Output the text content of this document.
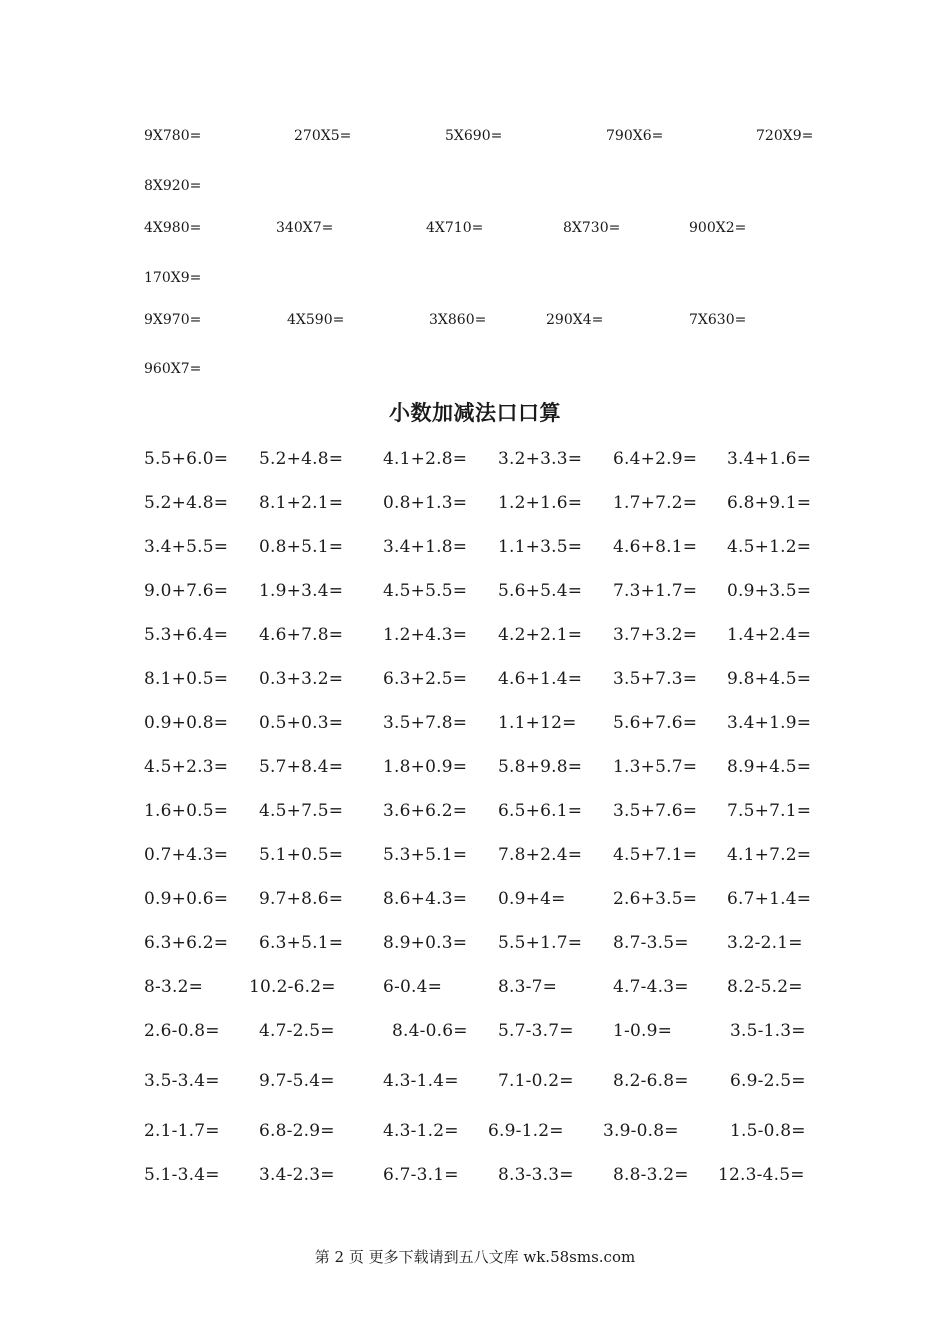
9X780=	270X5=	5X690=	790X6=	720X9=
8X920=
4X980=	340X7=	4X710=	8X730=	900X2=
170X9=
9X970=	4X590=	3X860=	290X4=	7X630=
960X7=
小数加减法口口算
5.5+6.0= 5.2+4.8= 4.1+2.8= 3.2+3.3= 6.4+2.9= 3.4+1.6=
5.2+4.8= 8.1+2.1= 0.8+1.3= 1.2+1.6= 1.7+7.2= 6.8+9.1=
3.4+5.5= 0.8+5.1= 3.4+1.8= 1.1+3.5= 4.6+8.1= 4.5+1.2=
9.0+7.6= 1.9+3.4= 4.5+5.5= 5.6+5.4= 7.3+1.7= 0.9+3.5=
5.3+6.4= 4.6+7.8= 1.2+4.3= 4.2+2.1= 3.7+3.2= 1.4+2.4=
8.1+0.5= 0.3+3.2= 6.3+2.5= 4.6+1.4= 3.5+7.3= 9.8+4.5=
0.9+0.8= 0.5+0.3= 3.5+7.8= 1.1+12= 5.6+7.6= 3.4+1.9=
4.5+2.3= 5.7+8.4= 1.8+0.9= 5.8+9.8= 1.3+5.7= 8.9+4.5=
1.6+0.5= 4.5+7.5= 3.6+6.2= 6.5+6.1= 3.5+7.6= 7.5+7.1=
0.7+4.3= 5.1+0.5= 5.3+5.1= 7.8+2.4= 4.5+7.1= 4.1+7.2=
0.9+0.6= 9.7+8.6= 8.6+4.3= 0.9+4=	2.6+3.5= 6.7+1.4=
6.3+6.2= 6.3+5.1= 8.9+0.3= 5.5+1.7= 8.7-3.5= 3.2-2.1=
8-3.2=	10.2-6.2=	6-0.4=	8.3-7=	4.7-4.3= 8.2-5.2=
2.6-0.8= 4.7-2.5=	8.4-0.6= 5.7-3.7= 1-0.9=	3.5-1.3=
3.5-3.4= 9.7-5.4=	4.3-1.4= 7.1-0.2= 8.2-6.8= 6.9-2.5=
2.1-1.7= 6.8-2.9=	4.3-1.2= 6.9-1.2= 3.9-0.8=	1.5-0.8=
5.1-3.4= 3.4-2.3=	6.7-3.1= 8.3-3.3= 8.8-3.2= 12.3-4.5=
第 2 页 更多下载请到五八文库 wk.58sms.com
